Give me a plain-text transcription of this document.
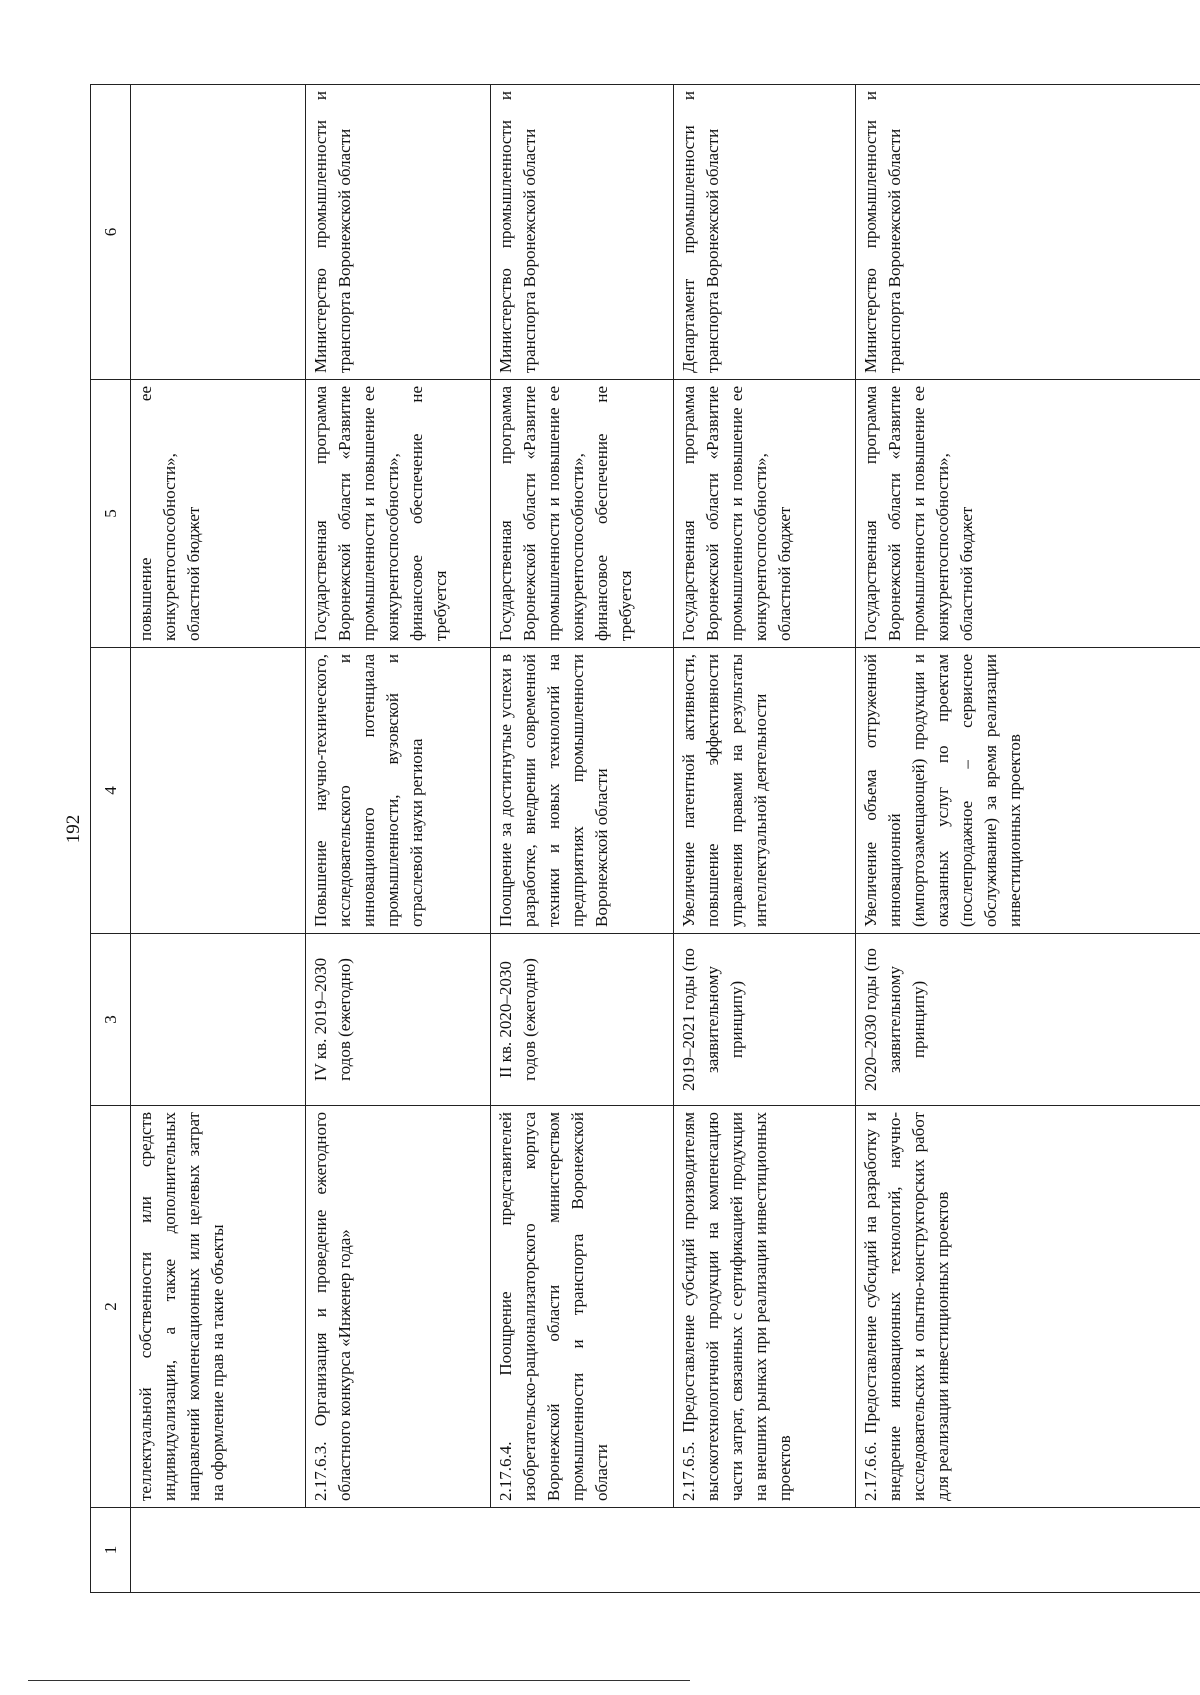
192
1	2	3	4	5	6
	теллектуальной собственности или средств индивидуализации, а также дополнительных направлений компенсационных или целевых затрат на оформление прав на такие объекты			повышение ее конкурентоспособности», областной бюджет	
	2.17.6.3. Организация и проведение ежегодного областного конкурса «Инженер года»	IV кв. 2019–2030 годов (ежегодно)	Повышение научно-технического, исследовательского и инновационного потенциала промышленности, вузовской и отраслевой науки региона	Государственная программа Воронежской области «Развитие промышленности и повышение ее конкурентоспособности», финансовое обеспечение не требуется	Министерство промышленности и транспорта Воронежской области
	2.17.6.4. Поощрение представителей изобретательско-рационализаторского корпуса Воронежской области министерством промышленности и транспорта Воронежской области	II кв. 2020–2030 годов (ежегодно)	Поощрение за достигнутые успехи в разработке, внедрении современной техники и новых технологий на предприятиях промышленности Воронежской области	Государственная программа Воронежской области «Развитие промышленности и повышение ее конкурентоспособности», финансовое обеспечение не требуется	Министерство промышленности и транспорта Воронежской области
	2.17.6.5. Предоставление субсидий производителям высокотехнологичной продукции на компенсацию части затрат, связанных с сертификацией продукции на внешних рынках при реализации инвестиционных проектов	2019–2021 годы (по заявительному принципу)	Увеличение патентной активности, повышение эффективности управления правами на результаты интеллектуальной деятельности	Государственная программа Воронежской области «Развитие промышленности и повышение ее конкурентоспособности», областной бюджет	Департамент промышленности и транспорта Воронежской области
	2.17.6.6. Предоставление субсидий на разработку и внедрение инновационных технологий, научно-исследовательских и опытно-конструкторских работ для реализации инвестиционных проектов	2020–2030 годы (по заявительному принципу)	Увеличение объема отгруженной инновационной (импортозамещающей) продукции и оказанных услуг по проектам (послепродажное – сервисное обслуживание) за время реализации инвестиционных проектов	Государственная программа Воронежской области «Развитие промышленности и повышение ее конкурентоспособности», областной бюджет	Министерство промышленности и транспорта Воронежской области
